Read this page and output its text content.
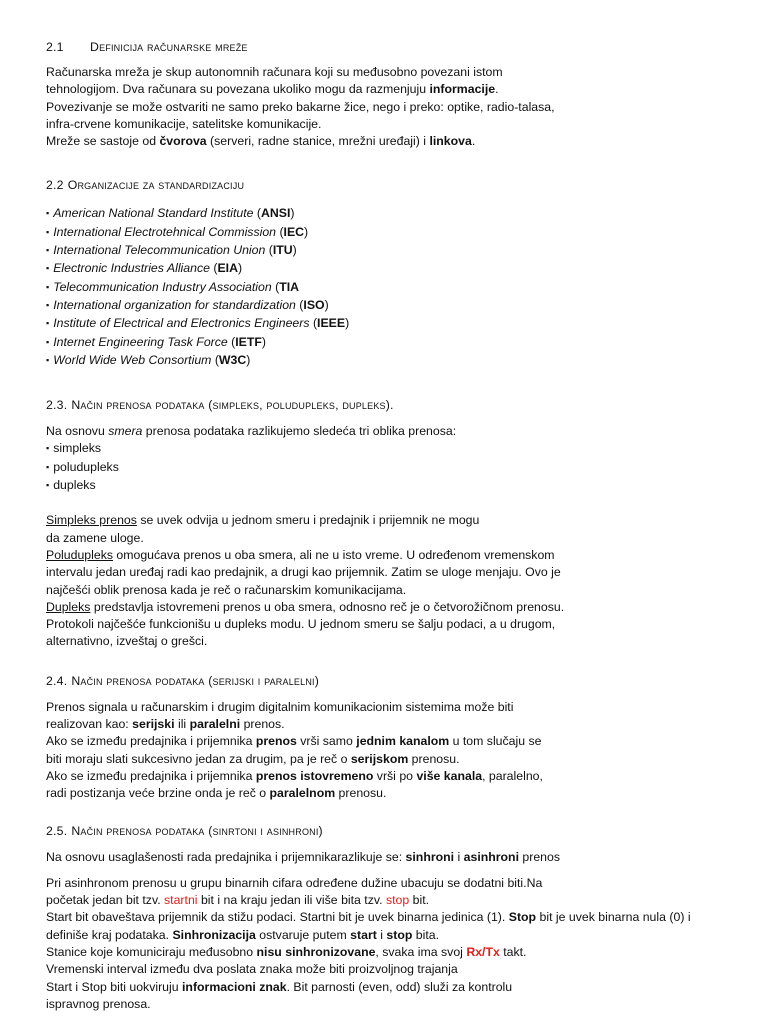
2.1 Definicija računarske mreže

Računarska mreža je skup autonomnih računara koji su međusobno povezani istom

tehnologijom. Dva računara su povezana ukoliko mogu da razmenjuju informacije.

Povezivanje se može ostvariti ne samo preko bakarne žice, nego i preko: optike, radio-talasa,

infra-crvene komunikacije, satelitske komunikacije.

Mreže se sastoje od čvorova (serveri, radne stanice, mrežni uređaji) i linkova.

2.2 Organizacije za standardizaciju
▪ American National Standard Institute (ANSI)
▪ International Electrotehnical Commission (IEC)
▪ International Telecommunication Union (ITU)
▪ Electronic Industries Alliance (EIA)
▪ Telecommunication Industry Association (TIA
▪ International organization for standardization (ISO)
▪ Institute of Electrical and Electronics Engineers (IEEE)
▪ Internet Engineering Task Force (IETF)
▪ World Wide Web Consortium (W3C)
2.3. Način prenosa podataka (simpleks, poludupleks, dupleks).

Na osnovu smera prenosa podataka razlikujemo sledeća tri oblika prenosa:

▪ simpleks
▪ poludupleks
▪ dupleks

Simpleks prenos se uvek odvija u jednom smeru i predajnik i prijemnik ne mogu

da zamene uloge.

Poludupleks omogućava prenos u oba smera, ali ne u isto vreme. U određenom vremenskom

intervalu jedan uređaj radi kao predajnik, a drugi kao prijemnik. Zatim se uloge menjaju. Ovo je

najčešći oblik prenosa kada je reč o računarskim komunikacijama.

Dupleks predstavlja istovremeni prenos u oba smera, odnosno reč je o četvorožičnom prenosu.

Protokoli najčešće funkcionišu u dupleks modu. U jednom smeru se šalju podaci, a u drugom,

alternativno, izveštaj o grešci.

2.4. Način prenosa podataka (serijski i paralelni)

Prenos signala u računarskim i drugim digitalnim komunikacionim sistemima može biti

realizovan kao: serijski ili paralelni prenos.

Ako se između predajnika i prijemnika prenos vrši samo jednim kanalom u tom slučaju se

biti moraju slati sukcesivno jedan za drugim, pa je reč o serijskom prenosu.

Ako se između predajnika i prijemnika prenos istovremeno vrši po više kanala, paralelno,

radi postizanja veće brzine onda je reč o paralelnom prenosu.

2.5. Način prenosa podataka (sinrtoni i asinhroni)

Na osnovu usaglašenosti rada predajnika i prijemnikarazlikuje se: sinhroni i asinhroni prenos

Pri asinhronom prenosu u grupu binarnih cifara određene dužine ubacuju se dodatni biti.Na

početak jedan bit tzv. startni bit i na kraju jedan ili više bita tzv. stop bit.

Start bit obaveštava prijemnik da stižu podaci. Startni bit je uvek binarna jedinica (1). Stop bit je uvek binarna nula (0) i

definiše kraj podataka. Sinhronizacija ostvaruje putem start i stop bita.

Stanice koje komuniciraju međusobno nisu sinhronizovane, svaka ima svoj Rx/Tx takt.

Vremenski interval između dva poslata znaka može biti proizvoljnog trajanja

Start i Stop biti uokviruju informacioni znak. Bit parnosti (even, odd) služi za kontrolu

ispravnog prenosa.
